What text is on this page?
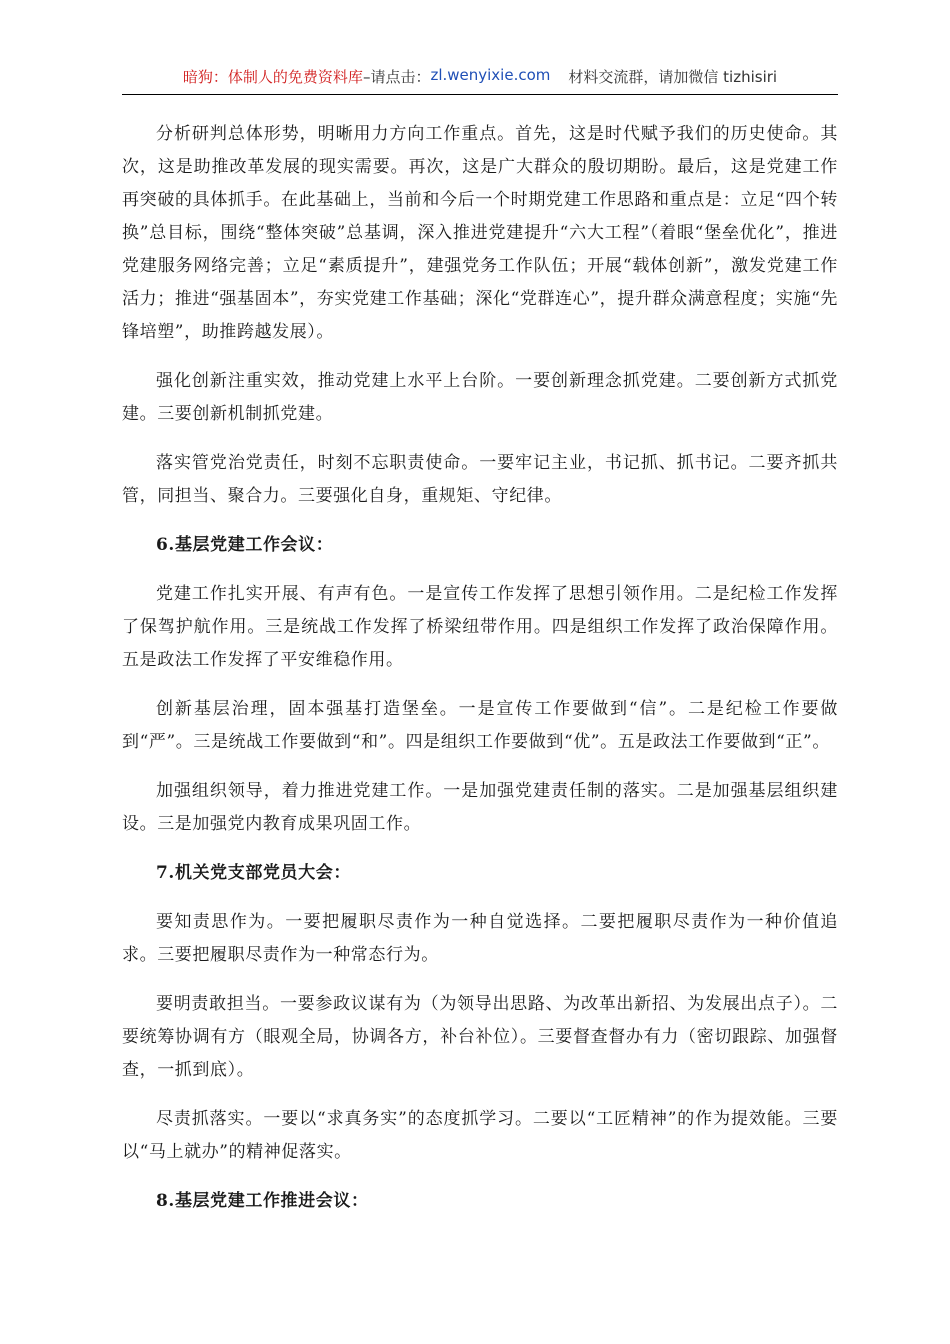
暗狗：体制人的免费资料库 –请点击： zl.wenyixie.com 材料交流群，请加微信 tizhisiri

分析研判总体形势，明晰用力方向工作重点。首先，这是时代赋予我们的历史使命。其次，这是助推改革发展的现实需要。再次，这是广大群众的殷切期盼。最后，这是党建工作再突破的具体抓手。在此基础上，当前和今后一个时期党建工作思路和重点是：立足“四个转换”总目标，围绕“整体突破”总基调，深入推进党建提升“六大工程”（着眼“堡垒优化”，推进党建服务网络完善；立足“素质提升”，建强党务工作队伍；开展“载体创新”，激发党建工作活力；推进“强基固本”，夯实党建工作基础；深化“党群连心”，提升群众满意程度；实施“先锋培塑”，助推跨越发展）。

强化创新注重实效，推动党建上水平上台阶。一要创新理念抓党建。二要创新方式抓党建。三要创新机制抓党建。

落实管党治党责任，时刻不忘职责使命。一要牢记主业，书记抓、抓书记。二要齐抓共管，同担当、聚合力。三要强化自身，重规矩、守纪律。

6.基层党建工作会议：

党建工作扎实开展、有声有色。一是宣传工作发挥了思想引领作用。二是纪检工作发挥了保驾护航作用。三是统战工作发挥了桥梁纽带作用。四是组织工作发挥了政治保障作用。五是政法工作发挥了平安维稳作用。

创新基层治理，固本强基打造堡垒。一是宣传工作要做到“信”。二是纪检工作要做到“严”。三是统战工作要做到“和”。四是组织工作要做到“优”。五是政法工作要做到“正”。

加强组织领导，着力推进党建工作。一是加强党建责任制的落实。二是加强基层组织建设。三是加强党内教育成果巩固工作。

7.机关党支部党员大会：

要知责思作为。一要把履职尽责作为一种自觉选择。二要把履职尽责作为一种价值追求。三要把履职尽责作为一种常态行为。

要明责敢担当。一要参政议谋有为（为领导出思路、为改革出新招、为发展出点子）。二要统筹协调有方（眼观全局，协调各方，补台补位）。三要督查督办有力（密切跟踪、加强督查，一抓到底）。

尽责抓落实。一要以“求真务实”的态度抓学习。二要以“工匠精神”的作为提效能。三要以“马上就办”的精神促落实。

8.基层党建工作推进会议：
